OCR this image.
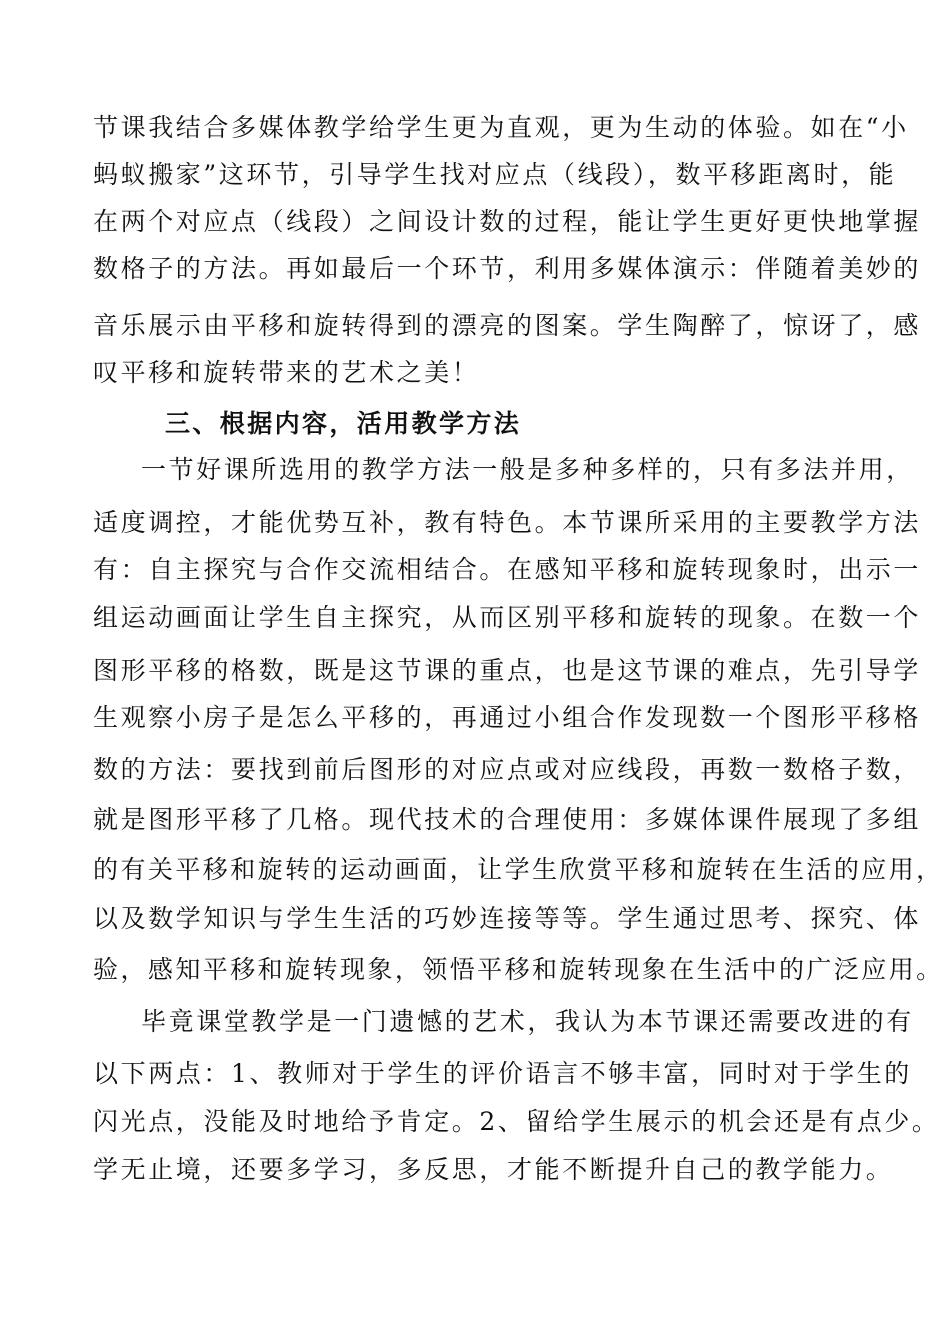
节课我结合多媒体教学给学生更为直观，更为生动的体验。如在“小
蚂蚁搬家”这环节，引导学生找对应点（线段），数平移距离时，能
在两个对应点（线段）之间设计数的过程，能让学生更好更快地掌握
数格子的方法。再如最后一个环节，利用多媒体演示：伴随着美妙的
音乐展示由平移和旋转得到的漂亮的图案。学生陶醉了，惊讶了，感
叹平移和旋转带来的艺术之美！
三、根据内容，活用教学方法
一节好课所选用的教学方法一般是多种多样的，只有多法并用，
适度调控，才能优势互补，教有特色。本节课所采用的主要教学方法
有：自主探究与合作交流相结合。在感知平移和旋转现象时，出示一
组运动画面让学生自主探究，从而区别平移和旋转的现象。在数一个
图形平移的格数，既是这节课的重点，也是这节课的难点，先引导学
生观察小房子是怎么平移的，再通过小组合作发现数一个图形平移格
数的方法：要找到前后图形的对应点或对应线段，再数一数格子数，
就是图形平移了几格。现代技术的合理使用：多媒体课件展现了多组
的有关平移和旋转的运动画面，让学生欣赏平移和旋转在生活的应用，
以及数学知识与学生生活的巧妙连接等等。学生通过思考、探究、体
验，感知平移和旋转现象，领悟平移和旋转现象在生活中的广泛应用。
毕竟课堂教学是一门遗憾的艺术，我认为本节课还需要改进的有
以下两点：1、教师对于学生的评价语言不够丰富，同时对于学生的
闪光点，没能及时地给予肯定。2、留给学生展示的机会还是有点少。
学无止境，还要多学习，多反思，才能不断提升自己的教学能力。
